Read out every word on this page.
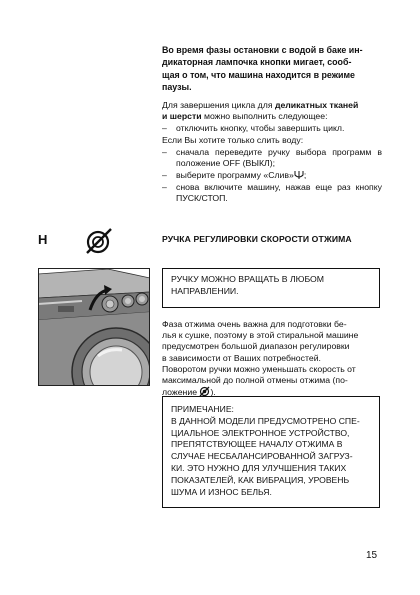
Во время фазы остановки с водой в баке ин-
дикаторная лампочка кнопки мигает, сооб-
щая о том, что машина находится в режиме
паузы.
Для завершения цикла для деликатных тканей
и шерсти можно выполнить следующее:
– отключить кнопку, чтобы завершить цикл.
Если Вы хотите только слить воду:
– сначала переведите ручку выбора программ в положение OFF (ВЫКЛ);
– выберите программу «Слив» ;
– снова включите машину, нажав еще раз кнопку ПУСК/СТОП.
H	РУЧКА РЕГУЛИРОВКИ СКОРОСТИ ОТЖИМА
РУЧКУ МОЖНО ВРАЩАТЬ В ЛЮБОМ
НАПРАВЛЕНИИ.
Фаза отжима очень важна для подготовки бе-
лья к сушке, поэтому в этой стиральной машине
предусмотрен большой диапазон регулировки
в зависимости от Ваших потребностей.
Поворотом ручки можно уменьшать скорость от
максимальной до полной отмены отжима (по-
ложение ).
ПРИМЕЧАНИЕ:
В ДАННОЙ МОДЕЛИ ПРЕДУСМОТРЕНО СПЕ-
ЦИАЛЬНОЕ ЭЛЕКТРОННОЕ УСТРОЙСТВО,
ПРЕПЯТСТВУЮЩЕЕ НАЧАЛУ ОТЖИМА В
СЛУЧАЕ НЕСБАЛАНСИРОВАННОЙ ЗАГРУЗ-
КИ. ЭТО НУЖНО ДЛЯ УЛУЧШЕНИЯ ТАКИХ
ПОКАЗАТЕЛЕЙ, КАК ВИБРАЦИЯ, УРОВЕНЬ
ШУМА И ИЗНОС БЕЛЬЯ.
15
